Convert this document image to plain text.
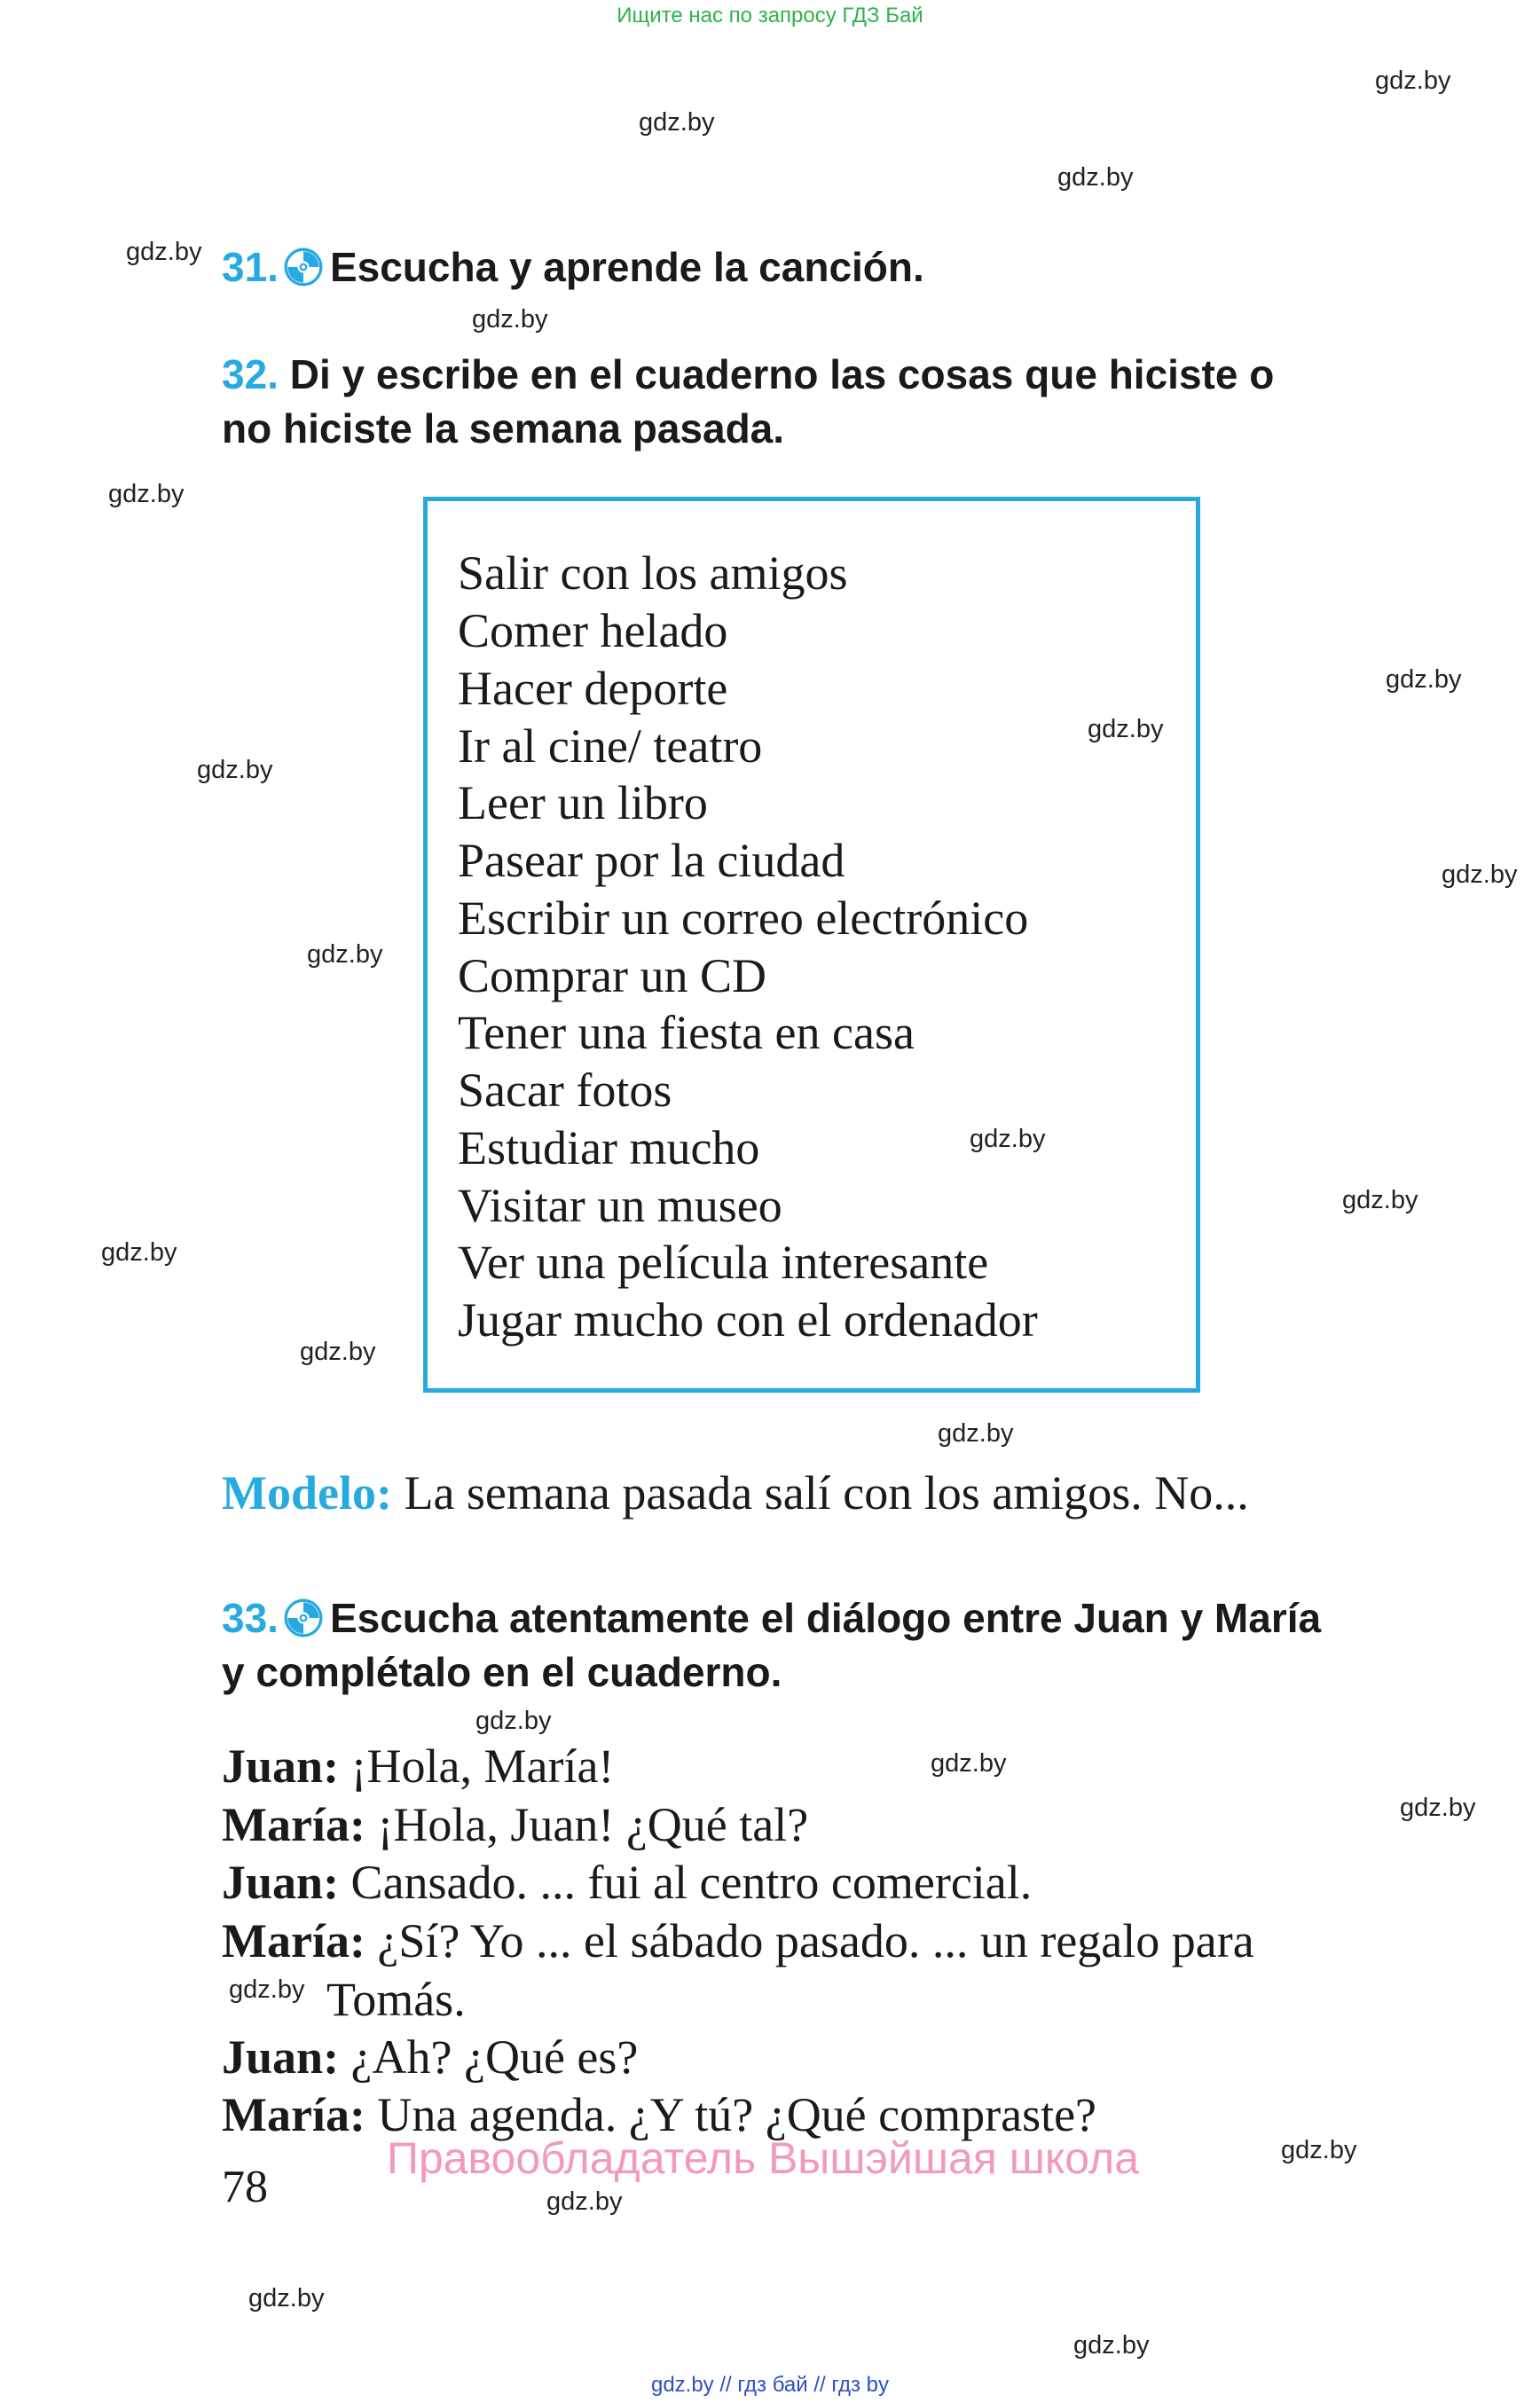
Ищите нас по запросу ГДЗ Бай
gdz.by
gdz.by
gdz.by
gdz.by
gdz.by
gdz.by
gdz.by
gdz.by
gdz.by
gdz.by
gdz.by
gdz.by
gdz.by
gdz.by
gdz.by
gdz.by
gdz.by
gdz.by
gdz.by
gdz.by
gdz.by
gdz.by
gdz.by
gdz.by
31. Escucha y aprende la canción.
32. Di y escribe en el cuaderno las cosas que hiciste o
no hiciste la semana pasada.
Salir con los amigos
Comer helado
Hacer deporte
Ir al cine/ teatro
Leer un libro
Pasear por la ciudad
Escribir un correo electrónico
Comprar un CD
Tener una fiesta en casa
Sacar fotos
Estudiar mucho
Visitar un museo
Ver una película interesante
Jugar mucho con el ordenador
Modelo: La semana pasada salí con los amigos. No...
33. Escucha atentamente el diálogo entre Juan y María
y complétalo en el cuaderno.
Juan: ¡Hola, María!
María: ¡Hola, Juan! ¿Qué tal?
Juan: Cansado. ... fui al centro comercial.
María: ¿Sí? Yo ... el sábado pasado. ... un regalo para
Tomás.
Juan: ¿Ah? ¿Qué es?
María: Una agenda. ¿Y tú? ¿Qué compraste?
Правообладатель Вышэйшая школа
78
gdz.by // гдз бай // гдз by
